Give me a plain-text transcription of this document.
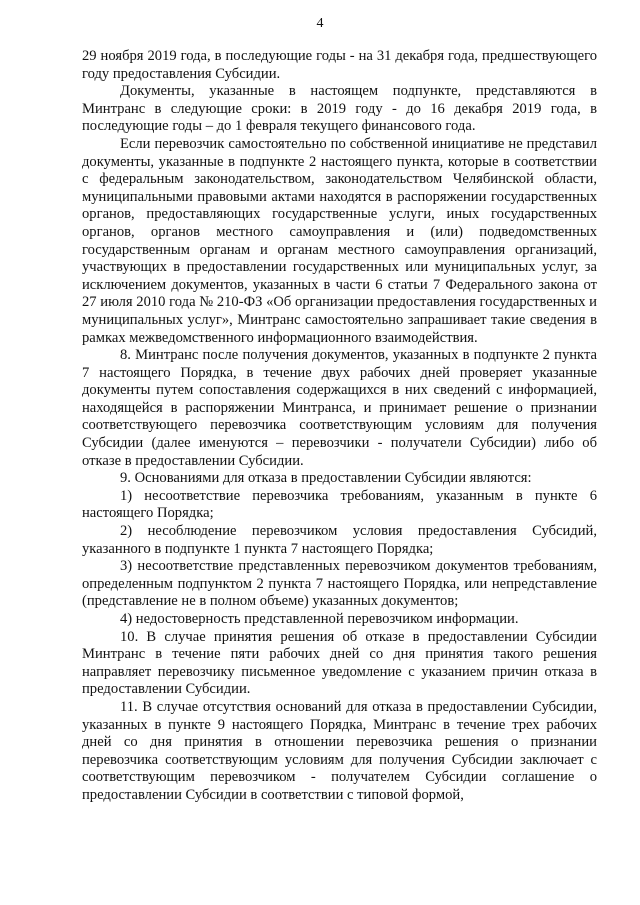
4

29 ноября 2019 года, в последующие годы - на 31 декабря года, предшествующего году предоставления Субсидии.

Документы, указанные в настоящем подпункте, представляются в Минтранс в следующие сроки: в 2019 году - до 16 декабря 2019 года, в последующие годы – до 1 февраля текущего финансового года.

Если перевозчик самостоятельно по собственной инициативе не представил документы, указанные в подпункте 2 настоящего пункта, которые в соответствии с федеральным законодательством, законодательством Челябинской области, муниципальными правовыми актами находятся в распоряжении государственных органов, предоставляющих государственные услуги, иных государственных органов, органов местного самоуправления и (или) подведомственных государственным органам и органам местного самоуправления организаций, участвующих в предоставлении государственных или муниципальных услуг, за исключением документов, указанных в части 6 статьи 7 Федерального закона от 27 июля 2010 года № 210-ФЗ «Об организации предоставления государственных и муниципальных услуг», Минтранс самостоятельно запрашивает такие сведения в рамках межведомственного информационного взаимодействия.

8. Минтранс после получения документов, указанных в подпункте 2 пункта 7 настоящего Порядка, в течение двух рабочих дней проверяет указанные документы путем сопоставления содержащихся в них сведений с информацией, находящейся в распоряжении Минтранса, и принимает решение о признании соответствующего перевозчика соответствующим условиям для получения Субсидии (далее именуются – перевозчики - получатели Субсидии) либо об отказе в предоставлении Субсидии.

9. Основаниями для отказа в предоставлении Субсидии являются:

1) несоответствие перевозчика требованиям, указанным в пункте 6 настоящего Порядка;

2) несоблюдение перевозчиком условия предоставления Субсидий, указанного в подпункте 1 пункта 7 настоящего Порядка;

3) несоответствие представленных перевозчиком документов требованиям, определенным подпунктом 2 пункта 7 настоящего Порядка, или непредставление (представление не в полном объеме) указанных документов;

4) недостоверность представленной перевозчиком информации.

10. В случае принятия решения об отказе в предоставлении Субсидии Минтранс в течение пяти рабочих дней со дня принятия такого решения направляет перевозчику письменное уведомление с указанием причин отказа в предоставлении Субсидии.

11. В случае отсутствия оснований для отказа в предоставлении Субсидии, указанных в пункте 9 настоящего Порядка, Минтранс в течение трех рабочих дней со дня принятия в отношении перевозчика решения о признании перевозчика соответствующим условиям для получения Субсидии заключает с соответствующим перевозчиком - получателем Субсидии соглашение о предоставлении Субсидии в соответствии с типовой формой,
